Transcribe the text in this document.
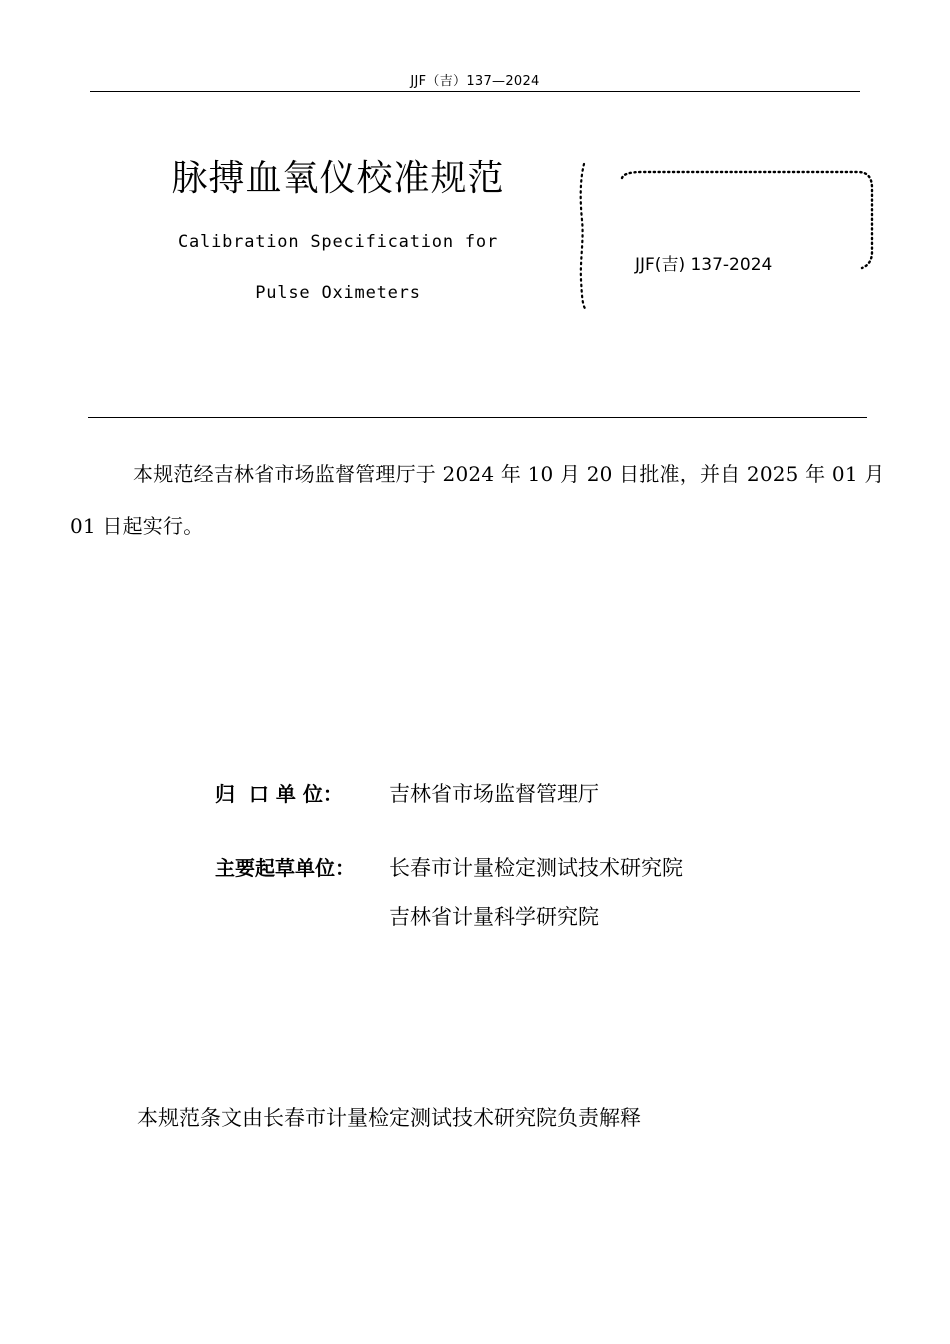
JJF（吉）137—2024
脉搏血氧仪校准规范
Calibration Specification for
Pulse Oximeters
JJF(吉) 137-2024
本规范经吉林省市场监督管理厅于 2024 年 10 月 20 日批准，并自 2025 年 01 月 01 日起实行。
归  口 单 位： 吉林省市场监督管理厅
主要起草单位： 长春市计量检定测试技术研究院
吉林省计量科学研究院
本规范条文由长春市计量检定测试技术研究院负责解释
